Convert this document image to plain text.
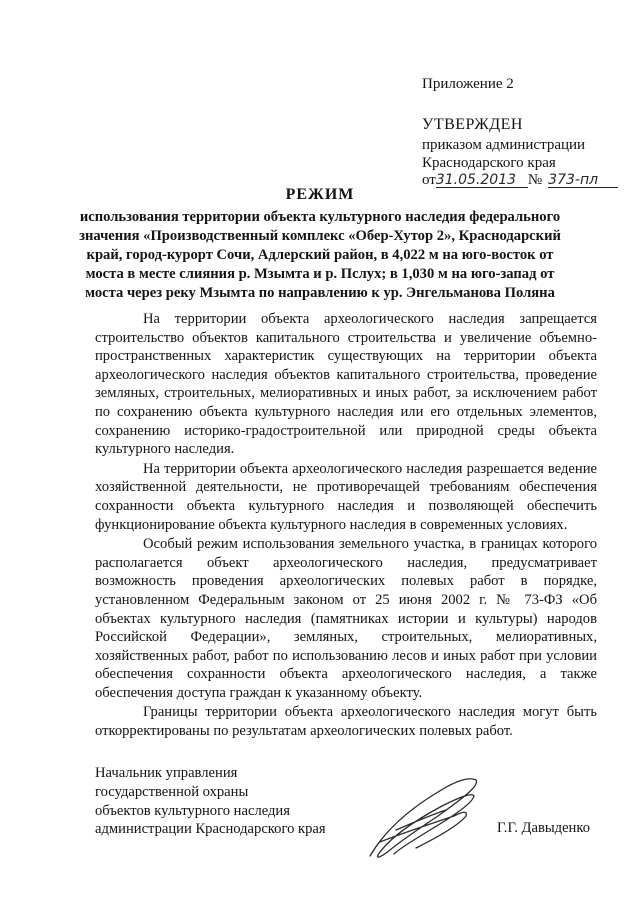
Приложение 2
УТВЕРЖДЕН
приказом администрации
Краснодарского края
от31.05.2013 № 373-пл
РЕЖИМ
использования территории объекта культурного наследия федерального
значения «Производственный комплекс «Обер-Хутор 2», Краснодарский
край, город-курорт Сочи, Адлерский район, в 4,022 м на юго-восток от
моста в месте слияния р. Мзымта и р. Пслух; в 1,030 м на юго-запад от
моста через реку Мзымта по направлению к ур. Энгельманова Поляна

На территории объекта археологического наследия запрещается строительство объектов капитального строительства и увеличение объемно-пространственных характеристик существующих на территории объекта археологического наследия объектов капитального строительства, проведение земляных, строительных, мелиоративных и иных работ, за исключением работ по сохранению объекта культурного наследия или его отдельных элементов, сохранению историко-градостроительной или природной среды объекта культурного наследия.

На территории объекта археологического наследия разрешается ведение хозяйственной деятельности, не противоречащей требованиям обеспечения сохранности объекта культурного наследия и позволяющей обеспечить функционирование объекта культурного наследия в современных условиях.

Особый режим использования земельного участка, в границах которого располагается объект археологического наследия, предусматривает возможность проведения археологических полевых работ в порядке, установленном Федеральным законом от 25 июня 2002 г. № 73-ФЗ «Об объектах культурного наследия (памятниках истории и культуры) народов Российской Федерации», земляных, строительных, мелиоративных, хозяйственных работ, работ по использованию лесов и иных работ при условии обеспечения сохранности объекта археологического наследия, а также обеспечения доступа граждан к указанному объекту.

Границы территории объекта археологического наследия могут быть откорректированы по результатам археологических полевых работ.

Начальник управления
государственной охраны
объектов культурного наследия
администрации Краснодарского края	Г.Г. Давыденко
